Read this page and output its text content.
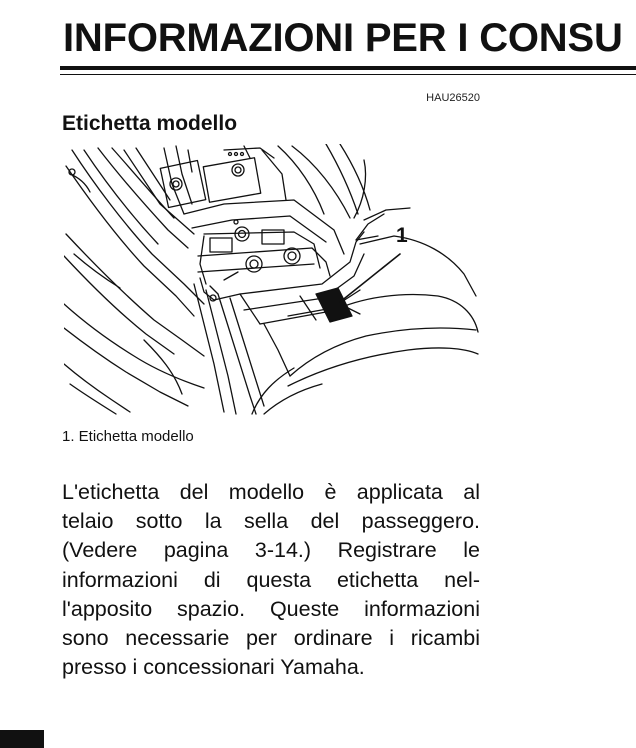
INFORMAZIONI PER I CONSU
HAU26520
Etichetta modello
1
1. Etichetta modello
L'etichetta del modello è applicata al
telaio sotto la sella del passeggero.
(Vedere pagina 3-14.) Registrare le
informazioni di questa etichetta nel-
l'apposito spazio. Queste informazioni
sono necessarie per ordinare i ricambi
presso i concessionari Yamaha.
